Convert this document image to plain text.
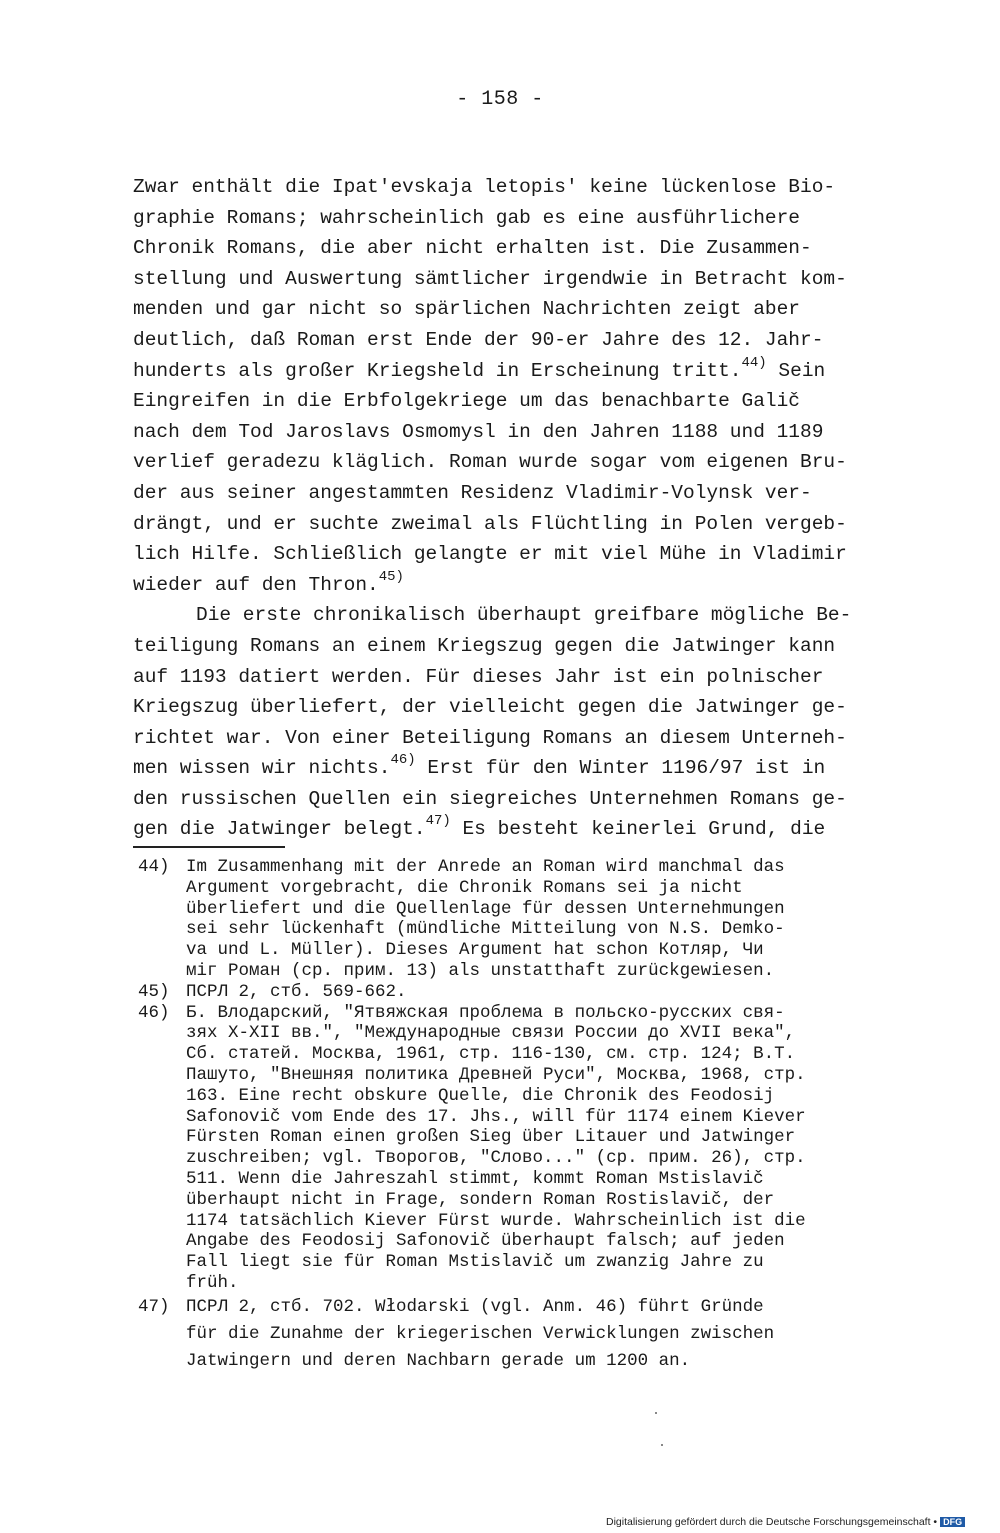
- 158 -
Zwar enthält die Ipat'evskaja letopis' keine lückenlose Bio-
graphie Romans; wahrscheinlich gab es eine ausführlichere
Chronik Romans, die aber nicht erhalten ist. Die Zusammen-
stellung und Auswertung sämtlicher irgendwie in Betracht kom-
menden und gar nicht so spärlichen Nachrichten zeigt aber
deutlich, daß Roman erst Ende der 90-er Jahre des 12. Jahr-
hunderts als großer Kriegsheld in Erscheinung tritt.$^{44)}$ Sein
Eingreifen in die Erbfolgekriege um das benachbarte Galič
nach dem Tod Jaroslavs Osmomysl in den Jahren 1188 und 1189
verlief geradezu kläglich. Roman wurde sogar vom eigenen Bru-
der aus seiner angestammten Residenz Vladimir-Volynsk ver-
drängt, und er suchte zweimal als Flüchtling in Polen vergeb-
lich Hilfe. Schließlich gelangte er mit viel Mühe in Vladimir
wieder auf den Thron.$^{45)}$
Die erste chronikalisch überhaupt greifbare mögliche Be-
teiligung Romans an einem Kriegszug gegen die Jatwinger kann
auf 1193 datiert werden. Für dieses Jahr ist ein polnischer
Kriegszug überliefert, der vielleicht gegen die Jatwinger ge-
richtet war. Von einer Beteiligung Romans an diesem Unterneh-
men wissen wir nichts.$^{46)}$ Erst für den Winter 1196/97 ist in
den russischen Quellen ein siegreiches Unternehmen Romans ge-
gen die Jatwinger belegt.$^{47)}$ Es besteht keinerlei Grund, die
44) Im Zusammenhang mit der Anrede an Roman wird manchmal das
Argument vorgebracht, die Chronik Romans sei ja nicht
überliefert und die Quellenlage für dessen Unternehmungen
sei sehr lückenhaft (mündliche Mitteilung von N.S. Demko-
va und L. Müller). Dieses Argument hat schon Котляр, Чи
міг Роман (ср. прим. 13) als unstatthaft zurückgewiesen.
45) ПСРЛ 2, стб. 569-662.
46) Б. Влодарский, "Ятвяжская проблема в польско-русских свя-
зях X-XII вв.", "Международные связи России до XVII века",
Сб. статей. Москва, 1961, стр. 116-130, см. стр. 124; В.Т.
Пашуто, "Внешняя политика Древней Руси", Москва, 1968, стр.
163. Eine recht obskure Quelle, die Chronik des Feodosij
Safonovič vom Ende des 17. Jhs., will für 1174 einem Kiever
Fürsten Roman einen großen Sieg über Litauer und Jatwinger
zuschreiben; vgl. Творогов, "Слово..." (ср. прим. 26), стр.
511. Wenn die Jahreszahl stimmt, kommt Roman Mstislavič
überhaupt nicht in Frage, sondern Roman Rostislavič, der
1174 tatsächlich Kiever Fürst wurde. Wahrscheinlich ist die
Angabe des Feodosij Safonovič überhaupt falsch; auf jeden
Fall liegt sie für Roman Mstislavič um zwanzig Jahre zu
früh.
47) ПСРЛ 2, стб. 702. Włodarski (vgl. Anm. 46) führt Gründe
für die Zunahme der kriegerischen Verwicklungen zwischen
Jatwingern und deren Nachbarn gerade um 1200 an.
Digitalisierung gefördert durch die Deutsche Forschungsgemeinschaft • DFG
